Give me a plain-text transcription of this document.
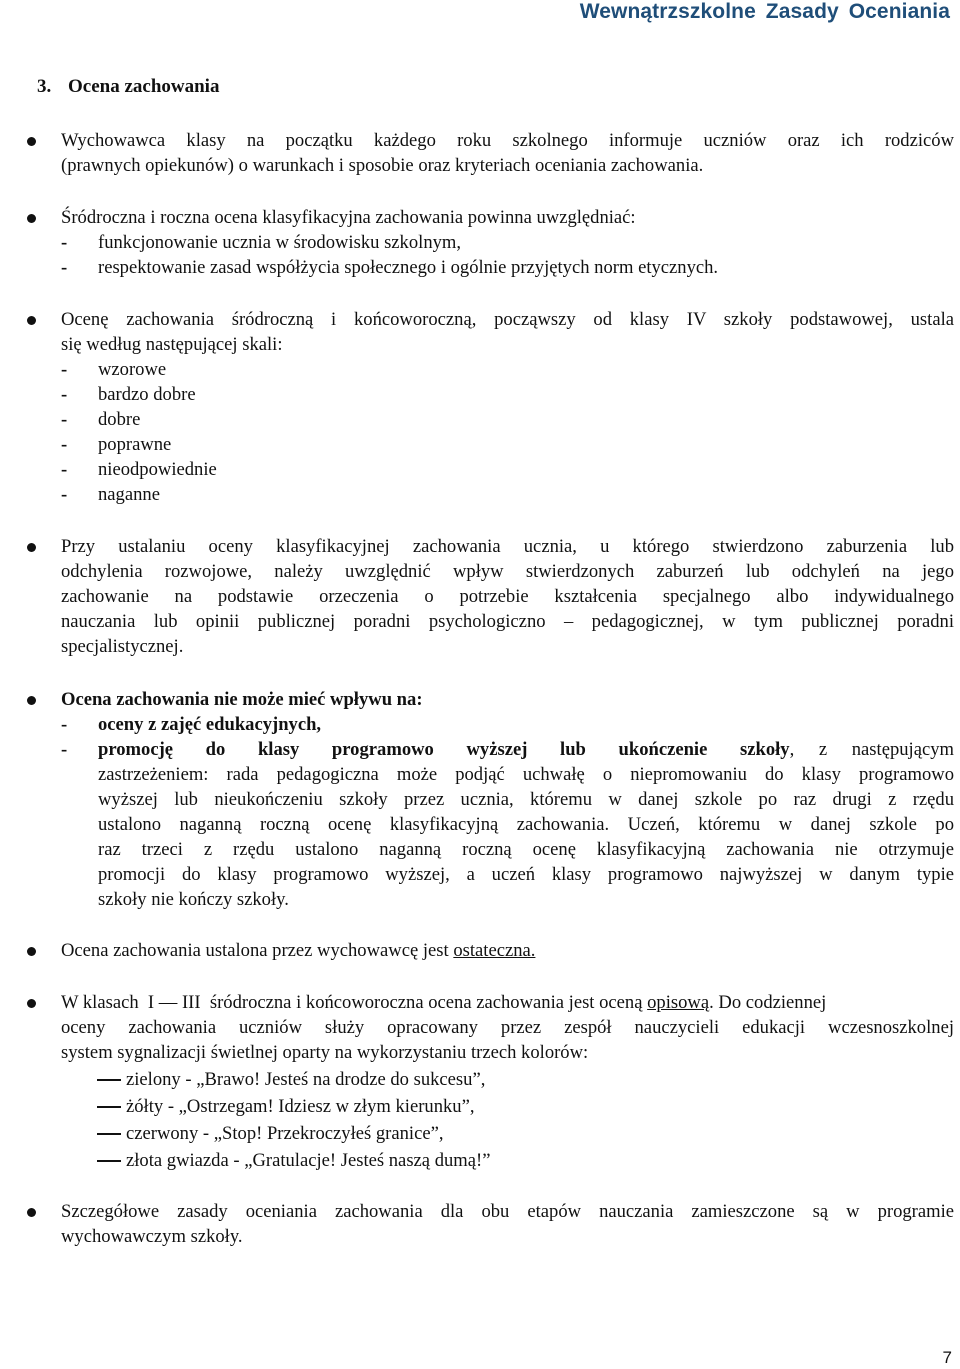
Wewnątrzszkolne Zasady Oceniania
3. Ocena zachowania
Wychowawca klasy na początku każdego roku szkolnego informuje uczniów oraz ich rodziców
(prawnych opiekunów) o warunkach i sposobie oraz kryteriach oceniania zachowania.
Śródroczna i roczna ocena klasyfikacyjna zachowania powinna uwzględniać:
- funkcjonowanie ucznia w środowisku szkolnym,
- respektowanie zasad współżycia społecznego i ogólnie przyjętych norm etycznych.
Ocenę zachowania śródroczną i końcoworoczną, począwszy od klasy IV szkoły podstawowej, ustala
się według następującej skali:
- wzorowe
- bardzo dobre
- dobre
- poprawne
- nieodpowiednie
- naganne
Przy ustalaniu oceny klasyfikacyjnej zachowania ucznia, u którego stwierdzono zaburzenia lub
odchylenia rozwojowe, należy uwzględnić wpływ stwierdzonych zaburzeń lub odchyleń na jego
zachowanie na podstawie orzeczenia o potrzebie kształcenia specjalnego albo indywidualnego
nauczania lub opinii publicznej poradni psychologiczno – pedagogicznej, w tym publicznej poradni
specjalistycznej.
Ocena zachowania nie może mieć wpływu na:
- oceny z zajęć edukacyjnych,
- promocję do klasy programowo wyższej lub ukończenie szkoły, z następującym
zastrzeżeniem: rada pedagogiczna może podjąć uchwałę o niepromowaniu do klasy programowo
wyższej lub nieukończeniu szkoły przez ucznia, któremu w danej szkole po raz drugi z rzędu
ustalono naganną roczną ocenę klasyfikacyjną zachowania. Uczeń, któremu w danej szkole po
raz trzeci z rzędu ustalono naganną roczną ocenę klasyfikacyjną zachowania nie otrzymuje
promocji do klasy programowo wyższej, a uczeń klasy programowo najwyższej w danym typie
szkoły nie kończy szkoły.
Ocena zachowania ustalona przez wychowawcę jest ostateczna.
W klasach  I — III  śródroczna i końcoworoczna ocena zachowania jest oceną opisową. Do codziennej
oceny zachowania uczniów służy opracowany przez zespół nauczycieli edukacji wczesnoszkolnej
system sygnalizacji świetlnej oparty na wykorzystaniu trzech kolorów:
zielony - „Brawo! Jesteś na drodze do sukcesu”,
żółty - „Ostrzegam! Idziesz w złym kierunku”,
czerwony - „Stop! Przekroczyłeś granice”,
złota gwiazda - „Gratulacje! Jesteś naszą dumą!”
Szczegółowe zasady oceniania zachowania dla obu etapów nauczania zamieszczone są w programie
wychowawczym szkoły.
7
